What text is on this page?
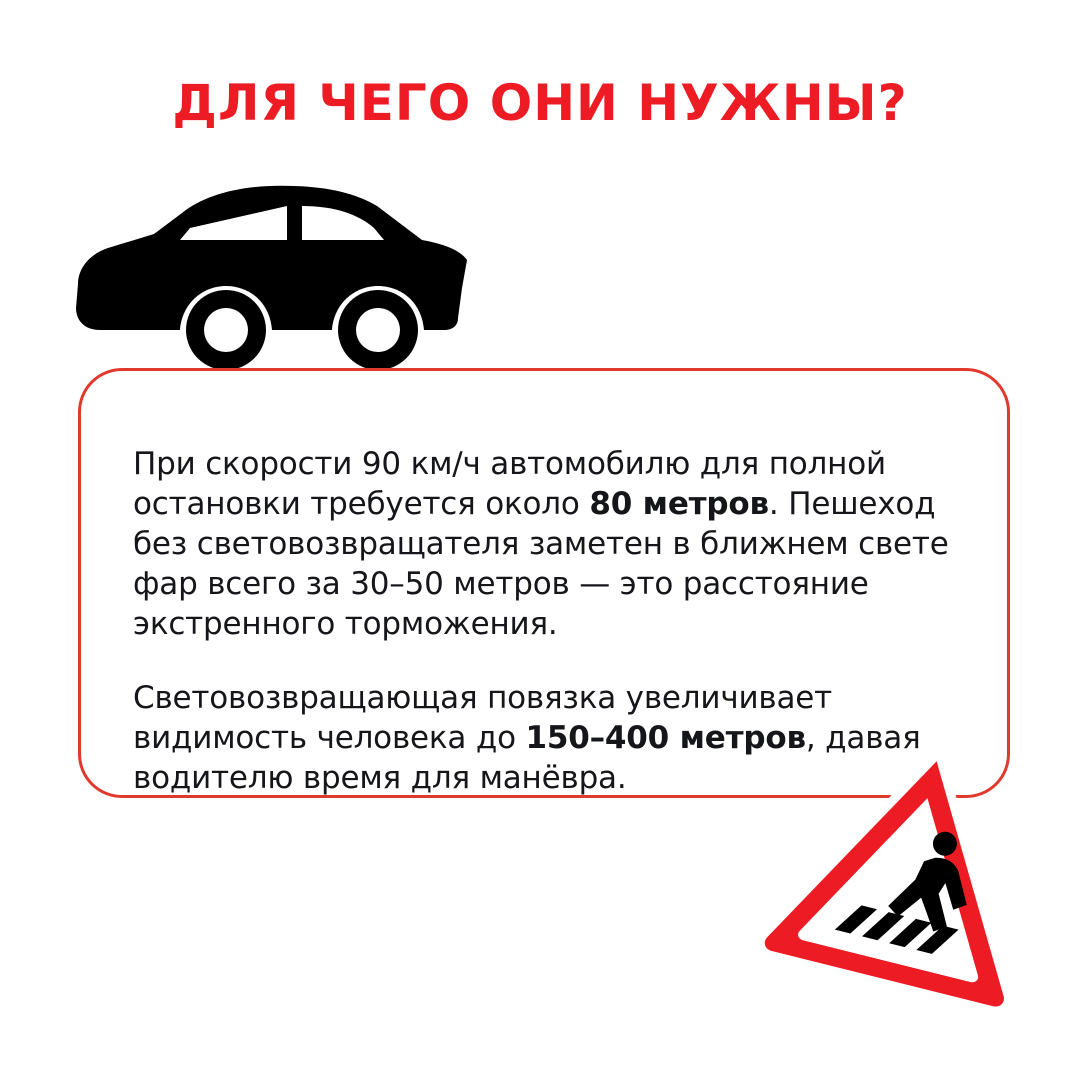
ДЛЯ ЧЕГО ОНИ НУЖНЫ?

При скорости 90 км/ч автомобилю для полной остановки требуется около 80 метров. Пешеход без световозвращателя заметен в ближнем свете фар всего за 30–50 метров — это расстояние экстренного торможения.

Световозвращающая повязка увеличивает видимость человека до 150–400 метров, давая водителю время для манёвра.
